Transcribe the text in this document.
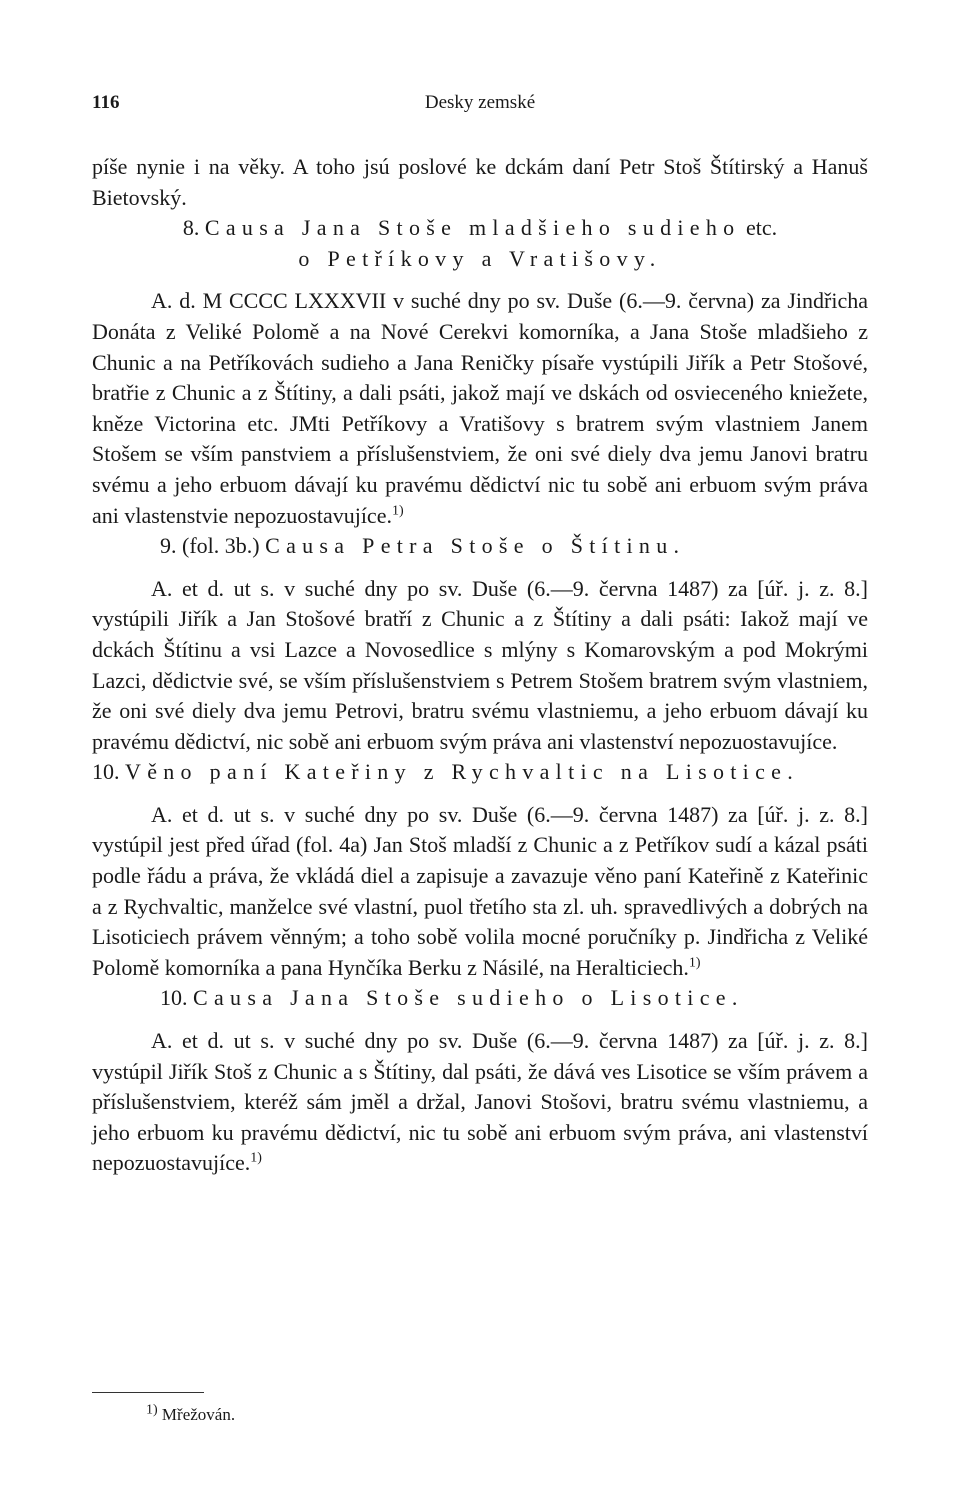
116	Desky zemské

píše nynie i na věky. A toho jsú poslové ke dckám daní Petr Stoš Štítirský a Hanuš Bietovský.

8. Causa Jana Stoše mladšieho sudieho etc.
o Petříkovy a Vratišovy.

A. d. M CCCC LXXXVII v suché dny po sv. Duše (6.—9. června) za Jindřicha Donáta z Veliké Polomě a na Nové Cerekvi komorníka, a Jana Stoše mladšieho z Chunic a na Petříkovách sudieho a Jana Reničky písaře vystúpili Jiřík a Petr Stošové, bratřie z Chunic a z Štítiny, a dali psáti, jakož mají ve dskách od osvieceného kniežete, kněze Victorina etc. JMti Petříkovy a Vratišovy s bratrem svým vlastniem Janem Stošem se vším panstviem a příslušenstviem, že oni své diely dva jemu Janovi bratru svému a jeho erbuom dávají ku pravému dědictví nic tu sobě ani erbuom svým práva ani vlastenstvie nepozuostavujíce.$^{1)}$

9. (fol. 3b.) Causa Petra Stoše o Štítinu.

A. et d. ut s. v suché dny po sv. Duše (6.—9. června 1487) za [úř. j. z. 8.] vystúpili Jiřík a Jan Stošové bratří z Chunic a z Štítiny a dali psáti: Iakož mají ve dckách Štítinu a vsi Lazce a Novosedlice s mlýny s Komarovským a pod Mokrými Lazci, dědictvie své, se vším příslušenstviem s Petrem Stošem bratrem svým vlastniem, že oni své diely dva jemu Petrovi, bratru svému vlastniemu, a jeho erbuom dávají ku pravému dědictví, nic sobě ani erbuom svým práva ani vlastenství nepozuostavujíce.

10. Věno paní Kateřiny z Rychvaltic na Lisotice.

A. et d. ut s. v suché dny po sv. Duše (6.—9. června 1487) za [úř. j. z. 8.] vystúpil jest před úřad (fol. 4a) Jan Stoš mladší z Chunic a z Petříkov sudí a kázal psáti podle řádu a práva, že vkládá diel a zapisuje a zavazuje věno paní Kateřině z Kateřinic a z Rychvaltic, manželce své vlastní, puol třetího sta zl. uh. spravedlivých a dobrých na Lisoticiech právem věnným; a toho sobě volila mocné poručníky p. Jindřicha z Veliké Polomě komorníka a pana Hynčíka Berku z Násilé, na Heralticiech.$^{1)}$

10. Causa Jana Stoše sudieho o Lisotice.

A. et d. ut s. v suché dny po sv. Duše (6.—9. června 1487) za [úř. j. z. 8.] vystúpil Jiřík Stoš z Chunic a s Štítiny, dal psáti, že dává ves Lisotice se vším právem a příslušenstviem, kteréž sám jměl a držal, Janovi Stošovi, bratru svému vlastniemu, a jeho erbuom ku pravému dědictví, nic tu sobě ani erbuom svým práva, ani vlastenství nepozuostavujíce.$^{1)}$

$^{1)}$ Mřežován.
